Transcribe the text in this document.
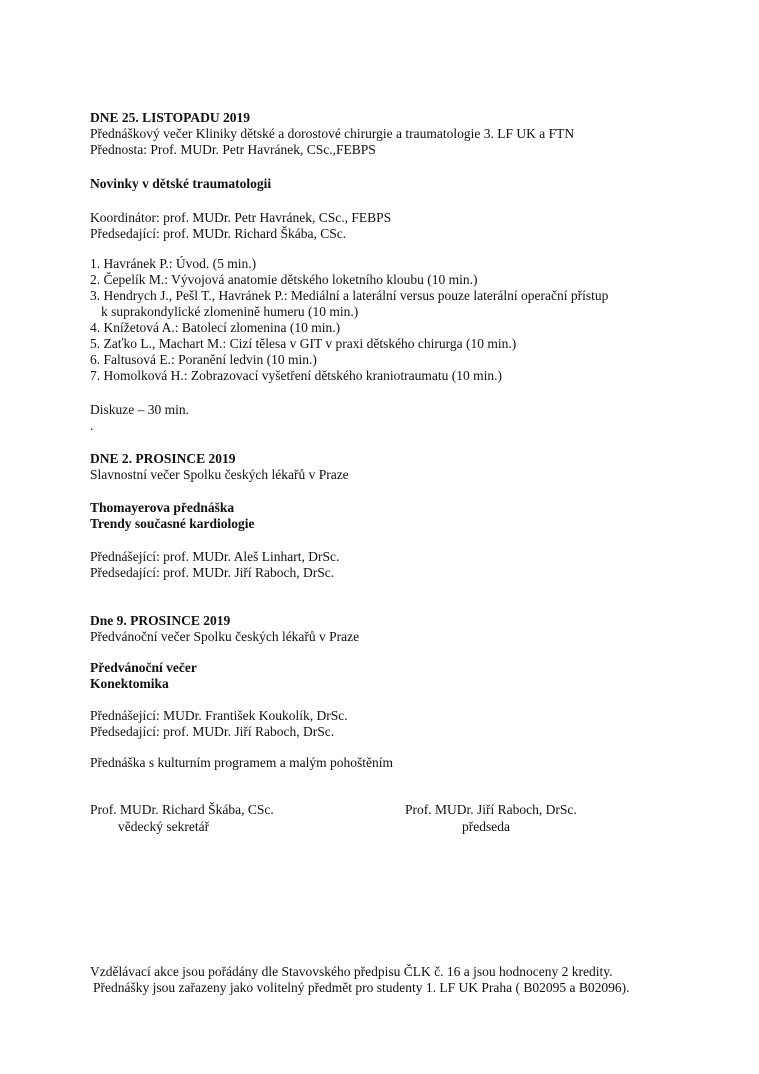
DNE 25. LISTOPADU 2019
Přednáškový večer Kliniky dětské a dorostové chirurgie a traumatologie 3. LF UK a FTN
Přednosta: Prof. MUDr. Petr Havránek, CSc.,FEBPS
Novinky v dětské traumatologii
Koordinátor: prof. MUDr. Petr Havránek, CSc., FEBPS
Předsedající: prof. MUDr. Richard Škába, CSc.
1. Havránek P.: Úvod. (5 min.)
2. Čepelík M.: Vývojová anatomie dětského loketního kloubu (10 min.)
3. Hendrych J., Pešl T., Havránek P.: Mediální a laterální versus pouze laterální operační přístup
k suprakondylické zlomenině humeru (10 min.)
4. Knížetová A.: Batolecí zlomenina (10 min.)
5. Zaťko L., Machart M.: Cizí tělesa v GIT v praxi dětského chirurga (10 min.)
6. Faltusová E.: Poranění ledvin (10 min.)
7. Homolková H.: Zobrazovací vyšetření dětského kraniotraumatu (10 min.)
Diskuze – 30 min.
.
DNE 2. PROSINCE 2019
Slavnostní večer Spolku českých lékařů v Praze
Thomayerova přednáška
Trendy současné kardiologie
Přednášející: prof. MUDr. Aleš Linhart, DrSc.
Předsedající: prof. MUDr. Jiří Raboch, DrSc.
Dne 9. PROSINCE 2019
Předvánoční večer Spolku českých lékařů v Praze
Předvánoční večer
Konektomika
Přednášející: MUDr. František Koukolík, DrSc.
Předsedající: prof. MUDr. Jiří Raboch, DrSc.
Přednáška s kulturním programem a malým pohoštěním
Prof. MUDr. Richard Škába, CSc.
vědecký sekretář
Prof. MUDr. Jiří Raboch, DrSc.
předseda
Vzdělávací akce jsou pořádány dle Stavovského předpisu ČLK č. 16 a jsou hodnoceny 2 kredity.
Přednášky jsou zařazeny jako volitelný předmět pro studenty 1. LF UK Praha ( B02095 a B02096).
